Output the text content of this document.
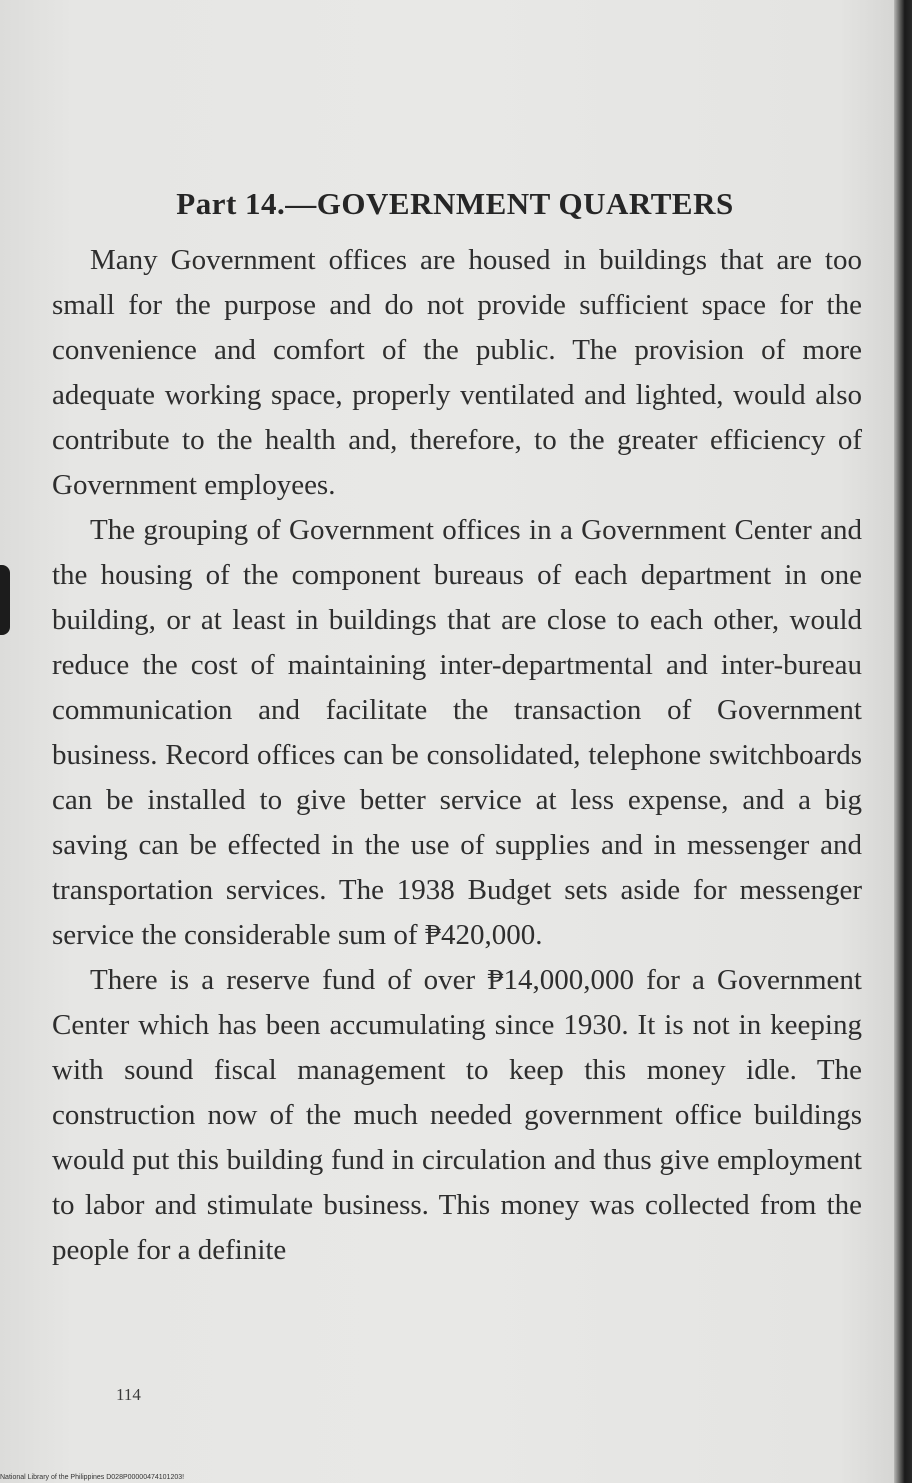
Part 14.—GOVERNMENT QUARTERS

Many Government offices are housed in buildings that are too small for the purpose and do not provide sufficient space for the convenience and comfort of the public. The provision of more adequate working space, properly ventilated and lighted, would also contribute to the health and, therefore, to the greater efficiency of Government employees.

The grouping of Government offices in a Government Center and the housing of the component bureaus of each department in one building, or at least in buildings that are close to each other, would reduce the cost of maintaining inter-departmental and inter-bureau communication and facilitate the transaction of Government business. Record offices can be consolidated, telephone switchboards can be installed to give better service at less expense, and a big saving can be effected in the use of supplies and in messenger and transportation services. The 1938 Budget sets aside for messenger service the considerable sum of ₱420,000.

There is a reserve fund of over ₱14,000,000 for a Government Center which has been accumulating since 1930. It is not in keeping with sound fiscal management to keep this money idle. The construction now of the much needed government office buildings would put this building fund in circulation and thus give employment to labor and stimulate business. This money was collected from the people for a definite

114
National Library of the Philippines D028P00000474101203!
